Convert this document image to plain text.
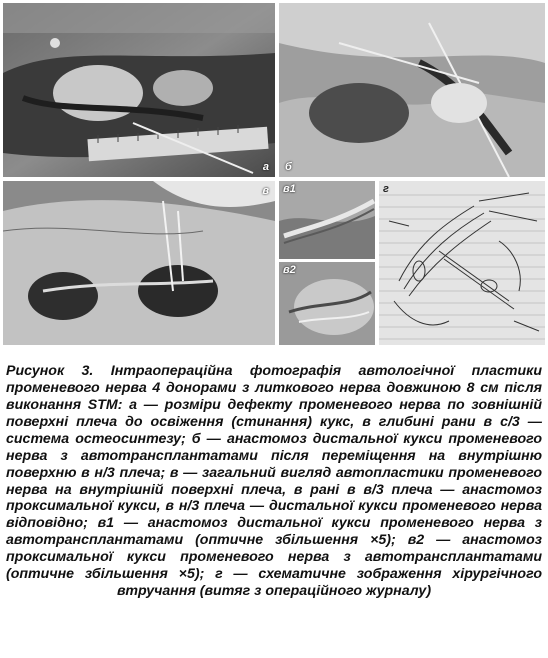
а б
в в1
в2
г

Рисунок 3. Інтраопераційна фотографія автологічної пластики променевого нерва 4 донорами з литкового нерва довжиною 8 см після виконання STM: а — розміри дефекту променевого нерва по зовнішній поверхні плеча до освіження (стинання) кукс, в глибині рани в с/3 — система остеосинтезу; б — анастомоз дистальної кукси променевого нерва з автотрансплантатами після переміщення на внутрішню поверхню в н/3 плеча; в — загальний вигляд автопластики променевого нерва на внутрішній поверхні плеча, в рані в в/3 плеча — анастомоз проксимальної кукси, в н/3 плеча — дистальної кукси променевого нерва відповідно; в1 — анастомоз дистальної кукси променевого нерва з автотрансплантатами (оптичне збільшення ×5); в2 — анастомоз проксимальної кукси променевого нерва з автотрансплантатами (оптичне збільшення ×5); г — схематичне зображення хірургічного втручання (витяг з операційного журналу)
